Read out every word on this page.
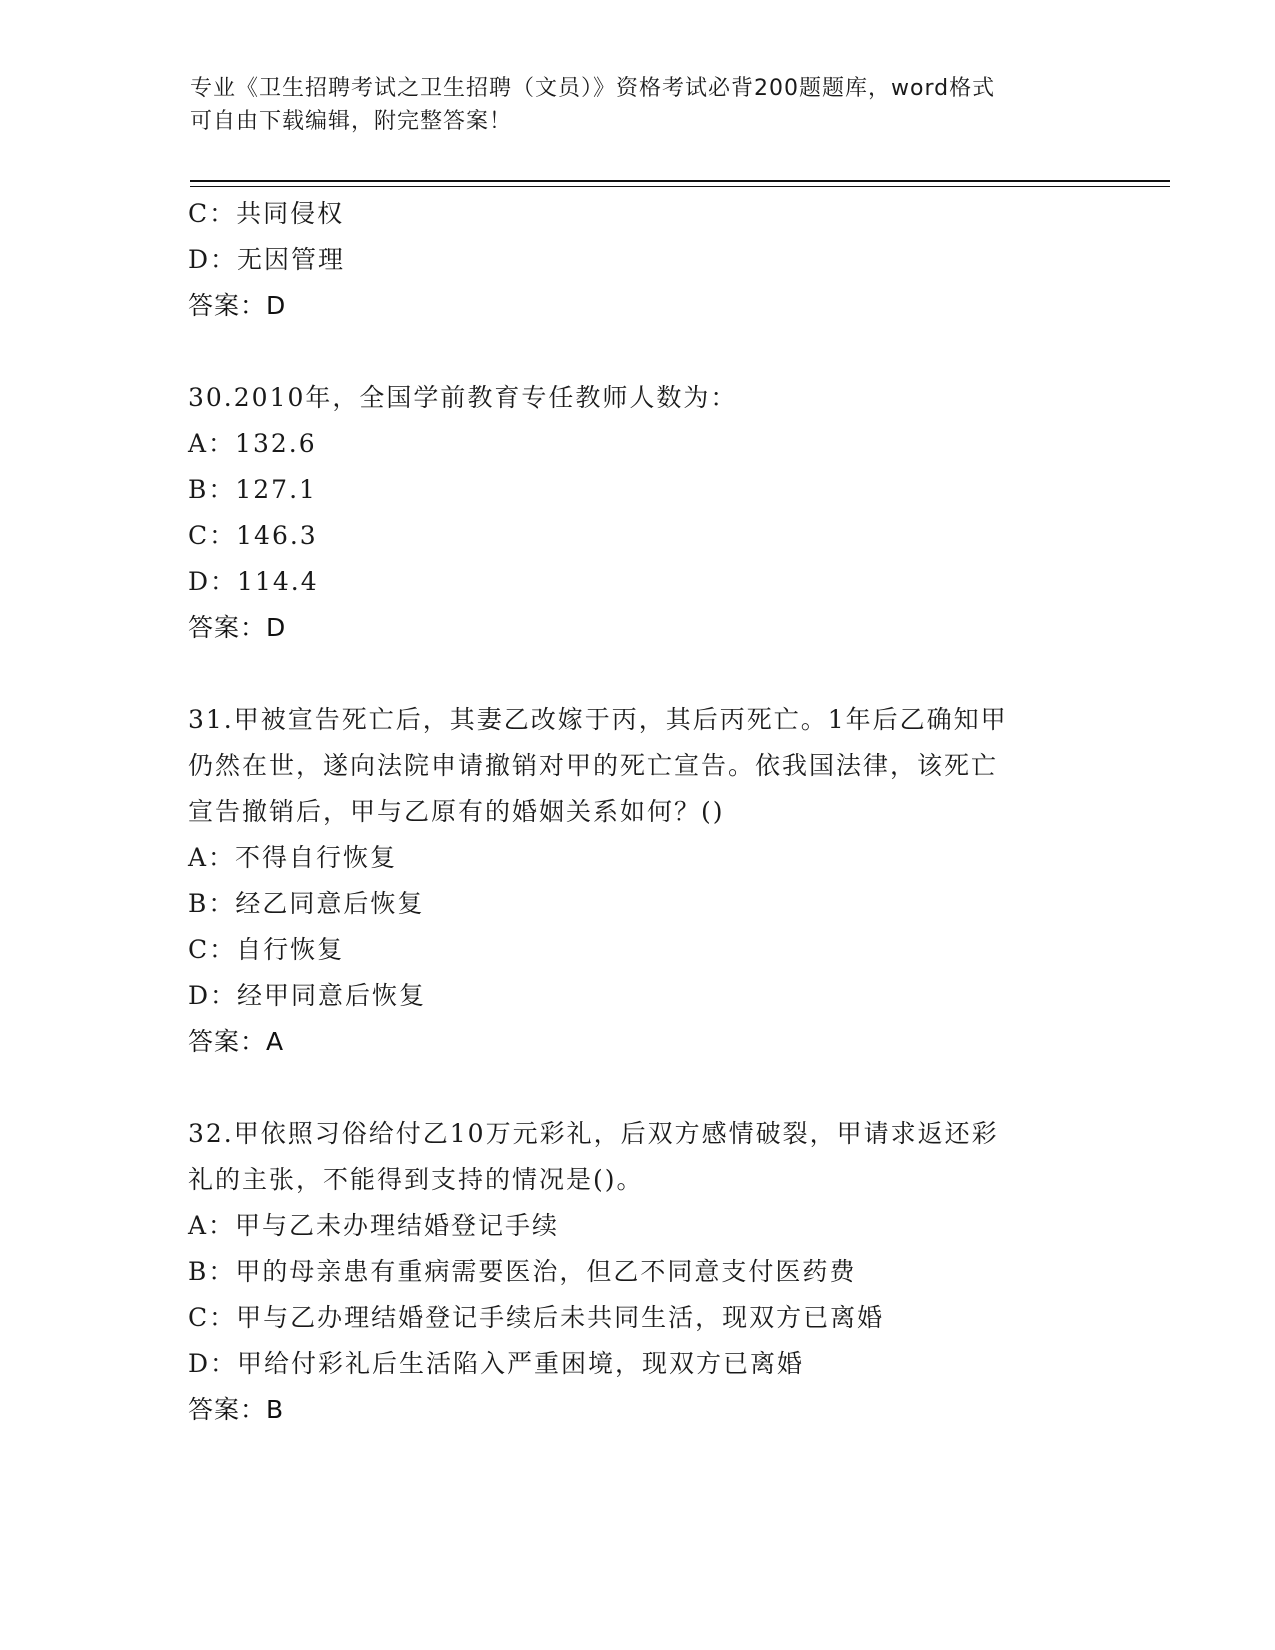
专业《卫生招聘考试之卫生招聘（文员）》资格考试必背200题题库，word格式
可自由下载编辑，附完整答案！
C：共同侵权
D：无因管理
答案：D
30.2010年，全国学前教育专任教师人数为：
A：132.6
B：127.1
C：146.3
D：114.4
答案：D
31.甲被宣告死亡后，其妻乙改嫁于丙，其后丙死亡。1年后乙确知甲
仍然在世，遂向法院申请撤销对甲的死亡宣告。依我国法律，该死亡
宣告撤销后，甲与乙原有的婚姻关系如何？()
A：不得自行恢复
B：经乙同意后恢复
C：自行恢复
D：经甲同意后恢复
答案：A
32.甲依照习俗给付乙10万元彩礼，后双方感情破裂，甲请求返还彩
礼的主张，不能得到支持的情况是()。
A：甲与乙未办理结婚登记手续
B：甲的母亲患有重病需要医治，但乙不同意支付医药费
C：甲与乙办理结婚登记手续后未共同生活，现双方已离婚
D：甲给付彩礼后生活陷入严重困境，现双方已离婚
答案：B
